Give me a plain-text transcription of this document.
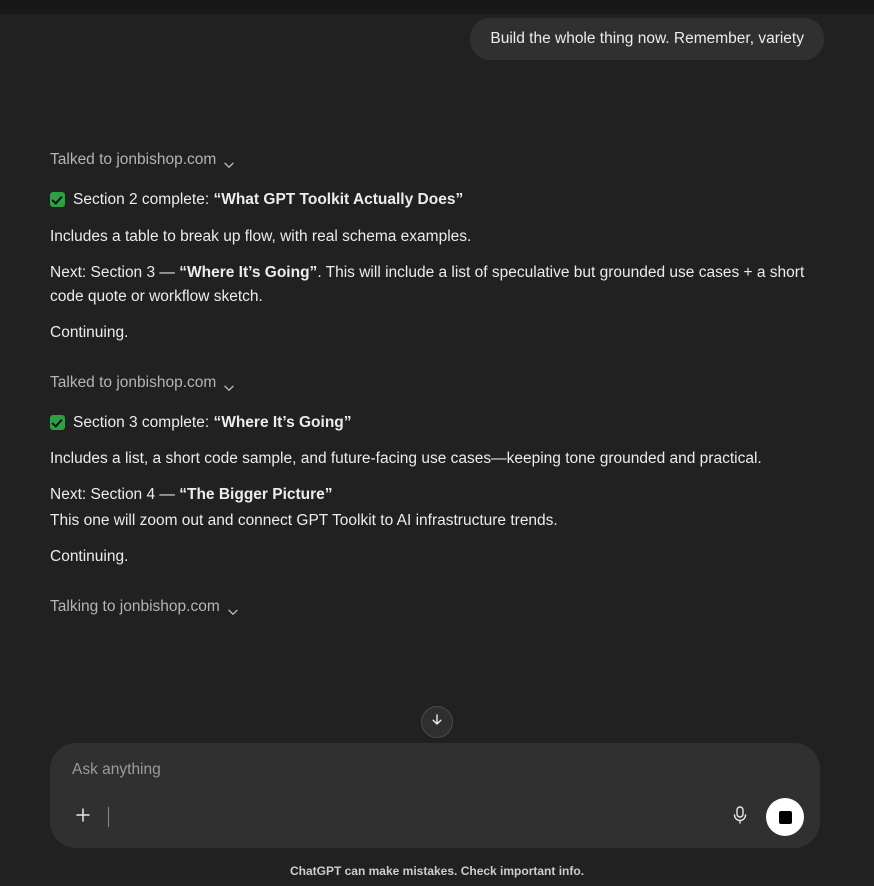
Build the whole thing now. Remember, variety
Talked to jonbishop.com
Section 2 complete: “What GPT Toolkit Actually Does”
Includes a table to break up flow, with real schema examples.
Next: Section 3 — “Where It’s Going”. This will include a list of speculative but grounded use cases + a short code quote or workflow sketch.
Continuing.
Talked to jonbishop.com
Section 3 complete: “Where It’s Going”
Includes a list, a short code sample, and future-facing use cases—keeping tone grounded and practical.
Next: Section 4 — “The Bigger Picture”
This one will zoom out and connect GPT Toolkit to AI infrastructure trends.
Continuing.
Talking to jonbishop.com
Ask anything
ChatGPT can make mistakes. Check important info.
